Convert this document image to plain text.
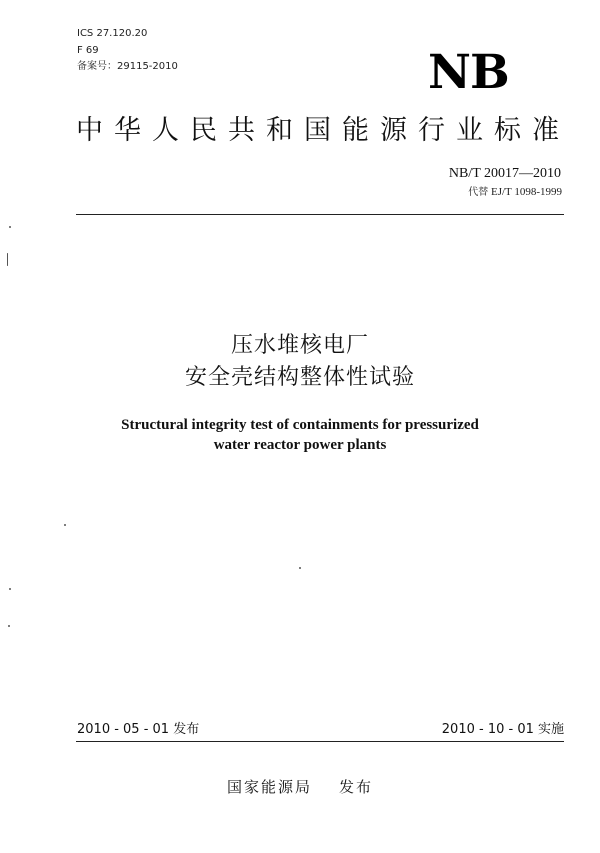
ICS 27.120.20
F 69
备案号：29115-2010	NB
中华人民共和国能源行业标准
NB/T 20017—2010
代替 EJ/T 1098-1999
压水堆核电厂
安全壳结构整体性试验
Structural integrity test of containments for pressurized
water reactor power plants
2010 - 05 - 01 发布	2010 - 10 - 01 实施
国家能源局    发布
